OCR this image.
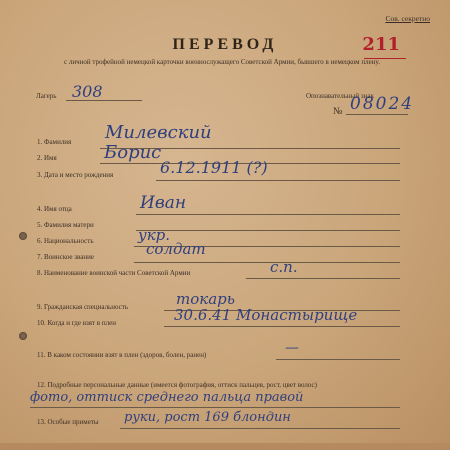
Сов. секретно
211
ПЕРЕВОД
с личной трофейной немецкой карточки военнослужащего Советской Армии, бывшего в немецком плену.
Лагерь 308	Опознавательный знак
№ 08024
1. Фамилия Милевский
2. Имя	Борис
3. Дата и место рождения	6.12.1911 (?)
4. Имя отца	Иван
5. Фамилия матери
6. Национальность	укр.
7. Воинское звание	солдат
8. Наименование воинской части Советской Армии	с.п.
9. Гражданская специальность	токарь
10. Когда и где взят в плен	30.6.41 Монастырище
11. В каком состоянии взят в плен (здоров, болен, ранен)	—
12. Подробные персональные данные (имеется фотография, оттиск пальцев, рост, цвет волос)
фото, оттиск среднего пальца правой
13. Особые приметы руки, рост 169 блондин
